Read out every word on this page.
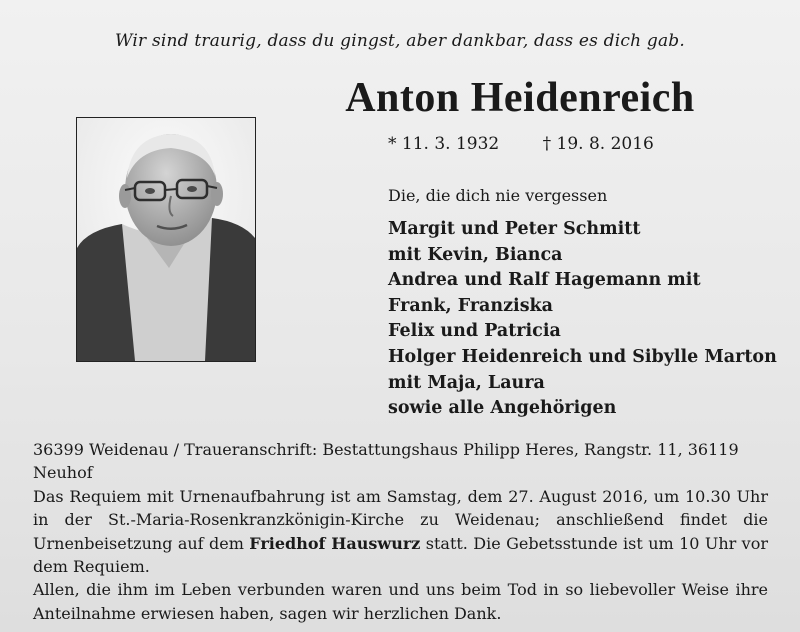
Wir sind traurig, dass du gingst, aber dankbar, dass es dich gab.
Anton Heidenreich
* 11. 3. 1932	† 19. 8. 2016
Die, die dich nie vergessen
Margit und Peter Schmitt
mit Kevin, Bianca
Andrea und Ralf Hagemann mit
Frank, Franziska
Felix und Patricia
Holger Heidenreich und Sibylle Marton
mit Maja, Laura
sowie alle Angehörigen

36399 Weidenau / Traueranschrift: Bestattungshaus Philipp Heres, Rangstr. 11, 36119 Neuhof

Das Requiem mit Urnenaufbahrung ist am Samstag, dem 27. August 2016, um 10.30 Uhr in der St.-Maria-Rosenkranzkönigin-Kirche zu Weidenau; anschließend findet die Urnenbeisetzung auf dem Friedhof Hauswurz statt. Die Gebetsstunde ist um 10 Uhr vor dem Requiem.

Allen, die ihm im Leben verbunden waren und uns beim Tod in so liebevoller Weise ihre Anteilnahme erwiesen haben, sagen wir herzlichen Dank.
